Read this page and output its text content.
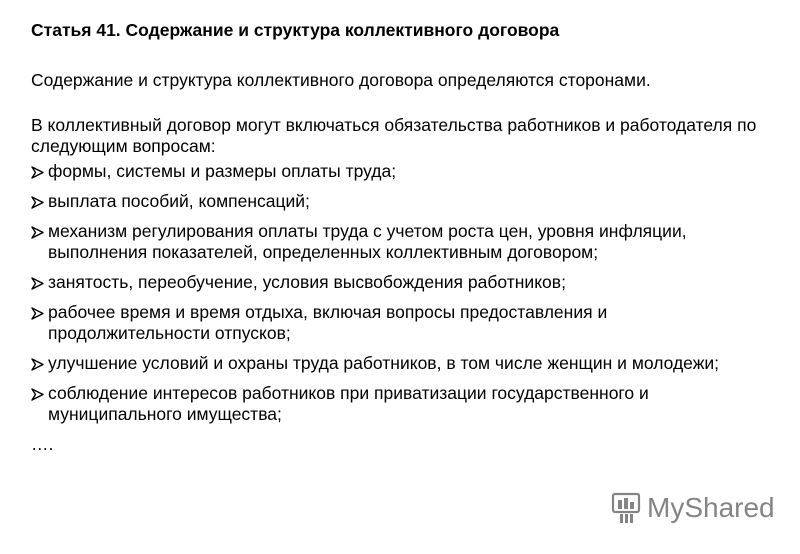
Статья 41. Содержание и структура коллективного договора

Содержание и структура коллективного договора определяются сторонами.

В коллективный договор могут включаться обязательства работников и работодателя по следующим вопросам:

формы, системы и размеры оплаты труда;
выплата пособий, компенсаций;
механизм регулирования оплаты труда с учетом роста цен, уровня инфляции, выполнения показателей, определенных коллективным договором;
занятость, переобучение, условия высвобождения работников;
рабочее время и время отдыха, включая вопросы предоставления и продолжительности отпусков;
улучшение условий и охраны труда работников, в том числе женщин и молодежи;
соблюдение интересов работников при приватизации государственного и муниципального имущества;
….
MyShared
